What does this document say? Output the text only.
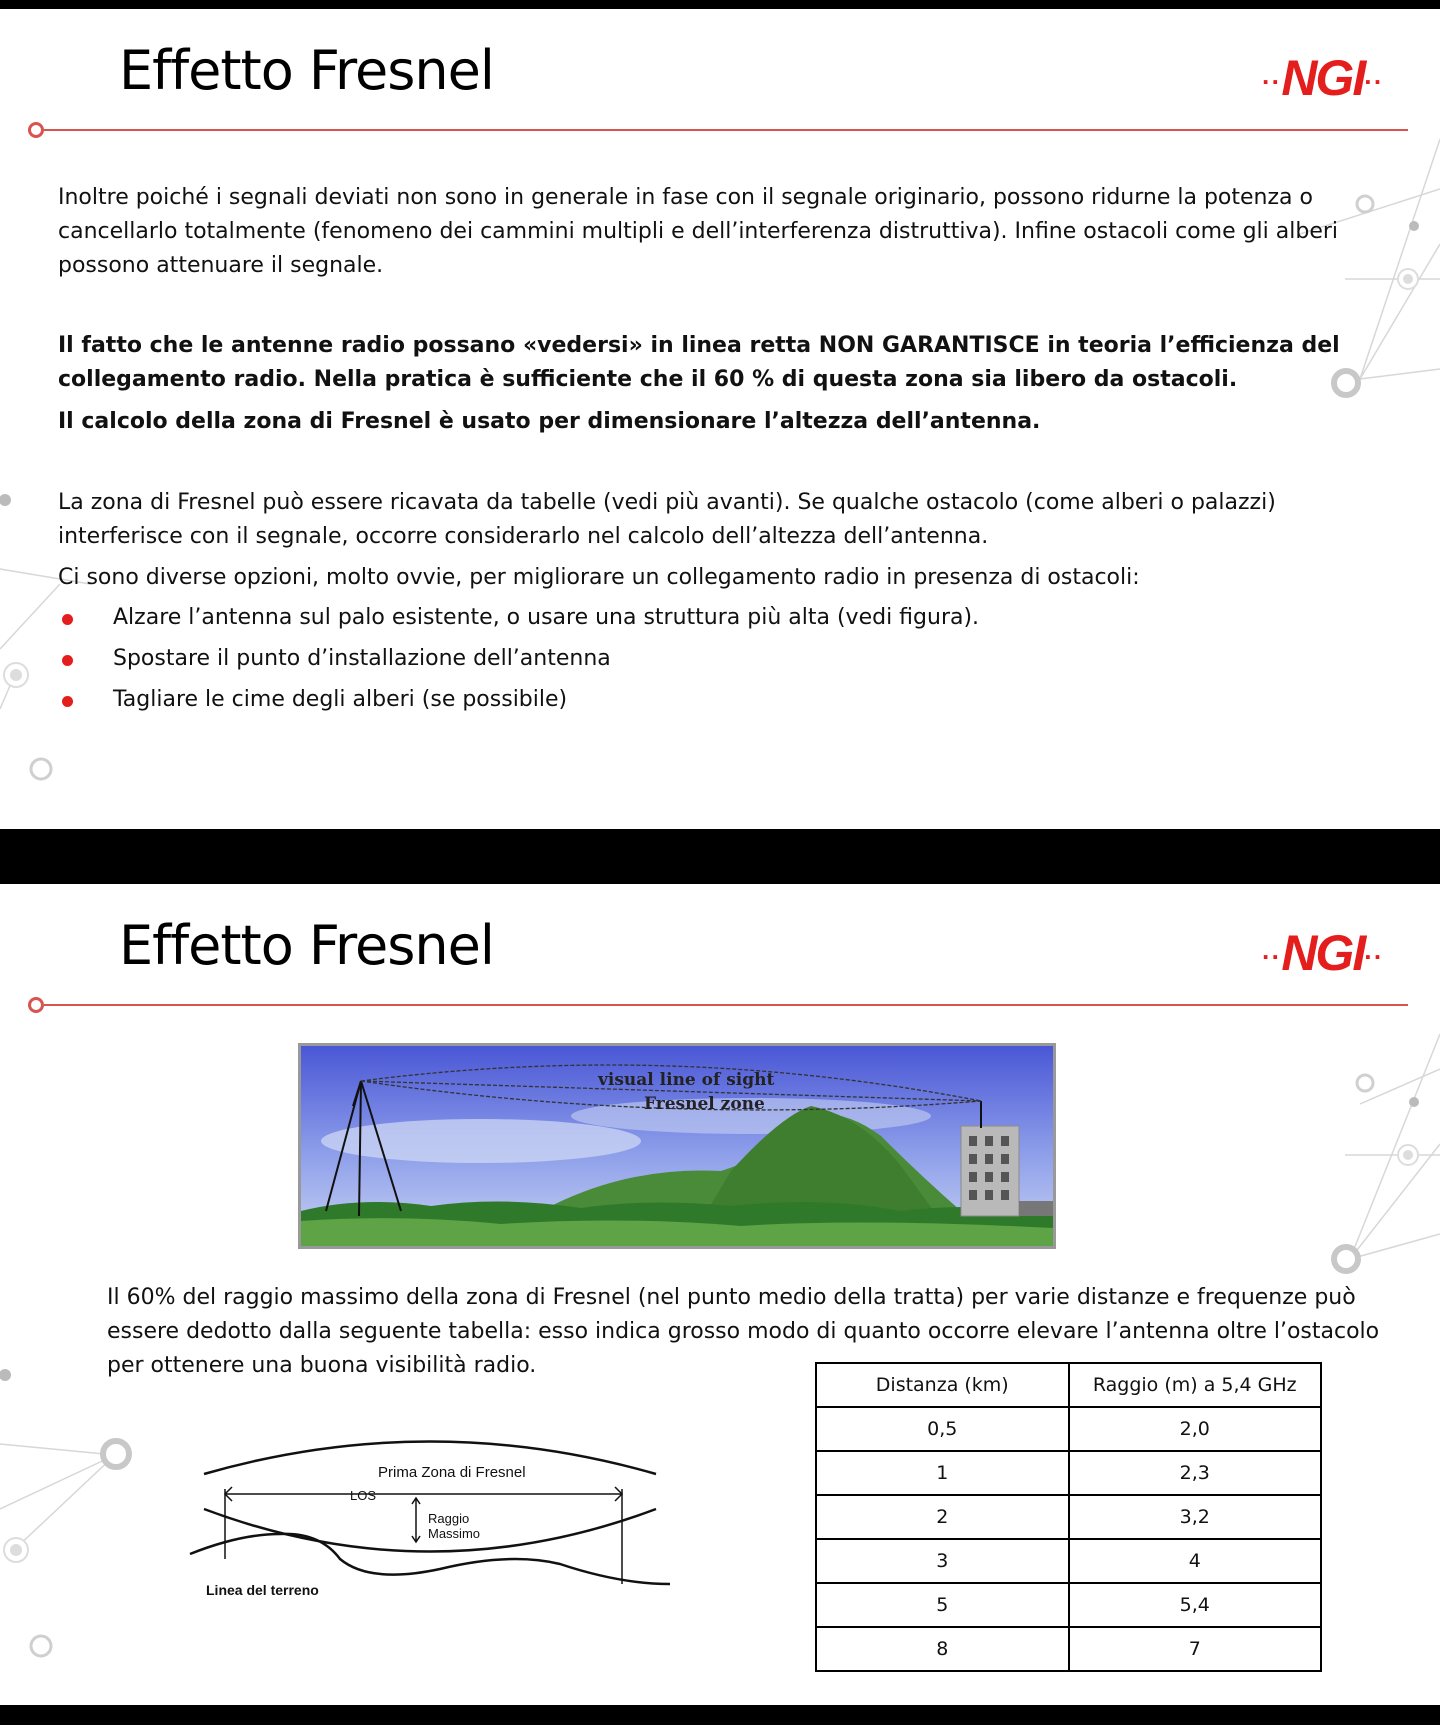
Effetto Fresnel	··NGI··
Inoltre poiché i segnali deviati non sono in generale in fase con il segnale originario, possono ridurne la potenza o cancellarlo totalmente (fenomeno dei cammini multipli e dell’interferenza distruttiva). Infine ostacoli come gli alberi possono attenuare il segnale.
Il fatto che le antenne radio possano «vedersi» in linea retta NON GARANTISCE in teoria l’efficienza del collegamento radio. Nella pratica è sufficiente che il 60 % di questa zona sia libero da ostacoli.
Il calcolo della zona di Fresnel è usato per dimensionare l’altezza dell’antenna.
La zona di Fresnel può essere ricavata da tabelle (vedi più avanti). Se qualche ostacolo (come alberi o palazzi) interferisce con il segnale, occorre considerarlo nel calcolo dell’altezza dell’antenna.
Ci sono diverse opzioni, molto ovvie, per migliorare un collegamento radio in presenza di ostacoli:
Alzare l’antenna sul palo esistente, o usare una struttura più alta (vedi figura).
Spostare il punto d’installazione dell’antenna
Tagliare le cime degli alberi (se possibile)
Effetto Fresnel	··NGI··
visual line of sight
Fresnel zone
Il 60% del raggio massimo della zona di Fresnel (nel punto medio della tratta) per varie distanze e frequenze può essere dedotto dalla seguente tabella: esso indica grosso modo di quanto occorre elevare l’antenna oltre l’ostacolo per ottenere una buona visibilità radio.
Prima Zona di Fresnel
LOS
Raggio
Massimo
Linea del terreno
Distanza (km)	Raggio (m) a 5,4 GHz
0,5	2,0
1	2,3
2	3,2
3	4
5	5,4
8	7
